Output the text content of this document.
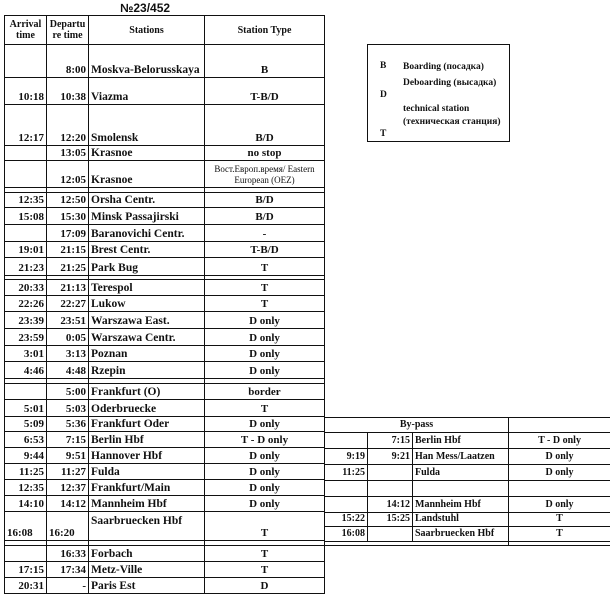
№23/452
Arrival time	Departu re time	Stations	Station Type
	8:00	Moskva-Belorusskaya	B
10:18	10:38	Viazma	T-B/D
12:17	12:20	Smolensk	B/D
	13:05	Krasnoe	no stop
	12:05	Krasnoe	Вост.Европ.время/ Eastern European (OEZ)

12:35	12:50	Orsha Centr.	B/D
15:08	15:30	Minsk Passajirski	B/D
	17:09	Baranovichi Centr.	-
19:01	21:15	Brest Centr.	T-B/D
21:23	21:25	Park Bug	T

20:33	21:13	Terespol	T
22:26	22:27	Lukow	T
23:39	23:51	Warszawa East.	D only
23:59	0:05	Warszawa Centr.	D only
3:01	3:13	Poznan	D only
4:46	4:48	Rzepin	D only

	5:00	Frankfurt (O)	border
5:01	5:03	Oderbruecke	T
5:09	5:36	Frankfurt Oder	D only
6:53	7:15	Berlin Hbf	T - D only
9:44	9:51	Hannover Hbf	D only
11:25	11:27	Fulda	D only
12:35	12:37	Frankfurt/Main	D only
14:10	14:12	Mannheim Hbf	D only
16:08	16:20	Saarbruecken Hbf	T

	16:33	Forbach	T
17:15	17:34	Metz-Ville	T
20:31	-	Paris Est	D
B Boarding (посадка)
D
Deboarding (высадка)
T
technical station (техническая станция)
By-pass			
	7:15	Berlin Hbf	T - D only
9:19	9:21	Han Mess/Laatzen	D only
11:25		Fulda	D only

	14:12	Mannheim Hbf	D only
15:22	15:25	Landstuhl	T
16:08		Saarbruecken Hbf	T
